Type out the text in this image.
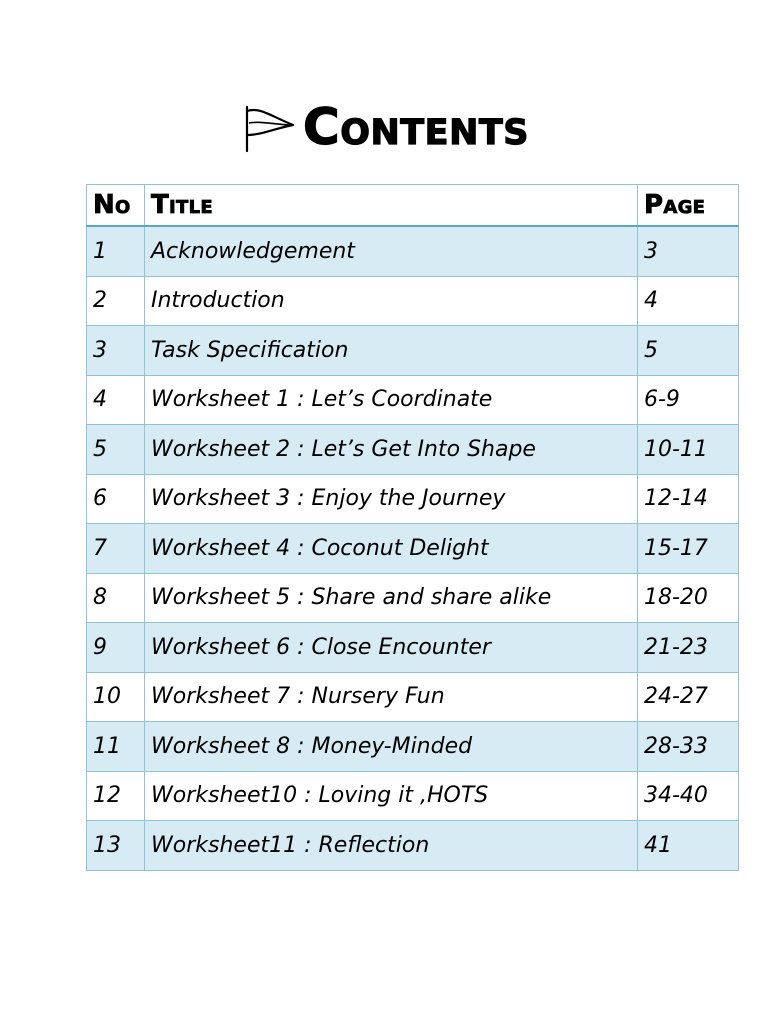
Contents
No	Title	Page
1	Acknowledgement	3
2	Introduction	4
3	Task Specification	5
4	Worksheet 1 : Let’s Coordinate	6-9
5	Worksheet 2 : Let’s Get Into Shape	10-11
6	Worksheet 3 : Enjoy the Journey	12-14
7	Worksheet 4 : Coconut Delight	15-17
8	Worksheet 5 : Share and share alike	18-20
9	Worksheet 6 : Close Encounter	21-23
10	Worksheet 7 : Nursery Fun	24-27
11	Worksheet 8 : Money-Minded	28-33
12	Worksheet10 : Loving it ,HOTS	34-40
13	Worksheet11 : Reflection	41
